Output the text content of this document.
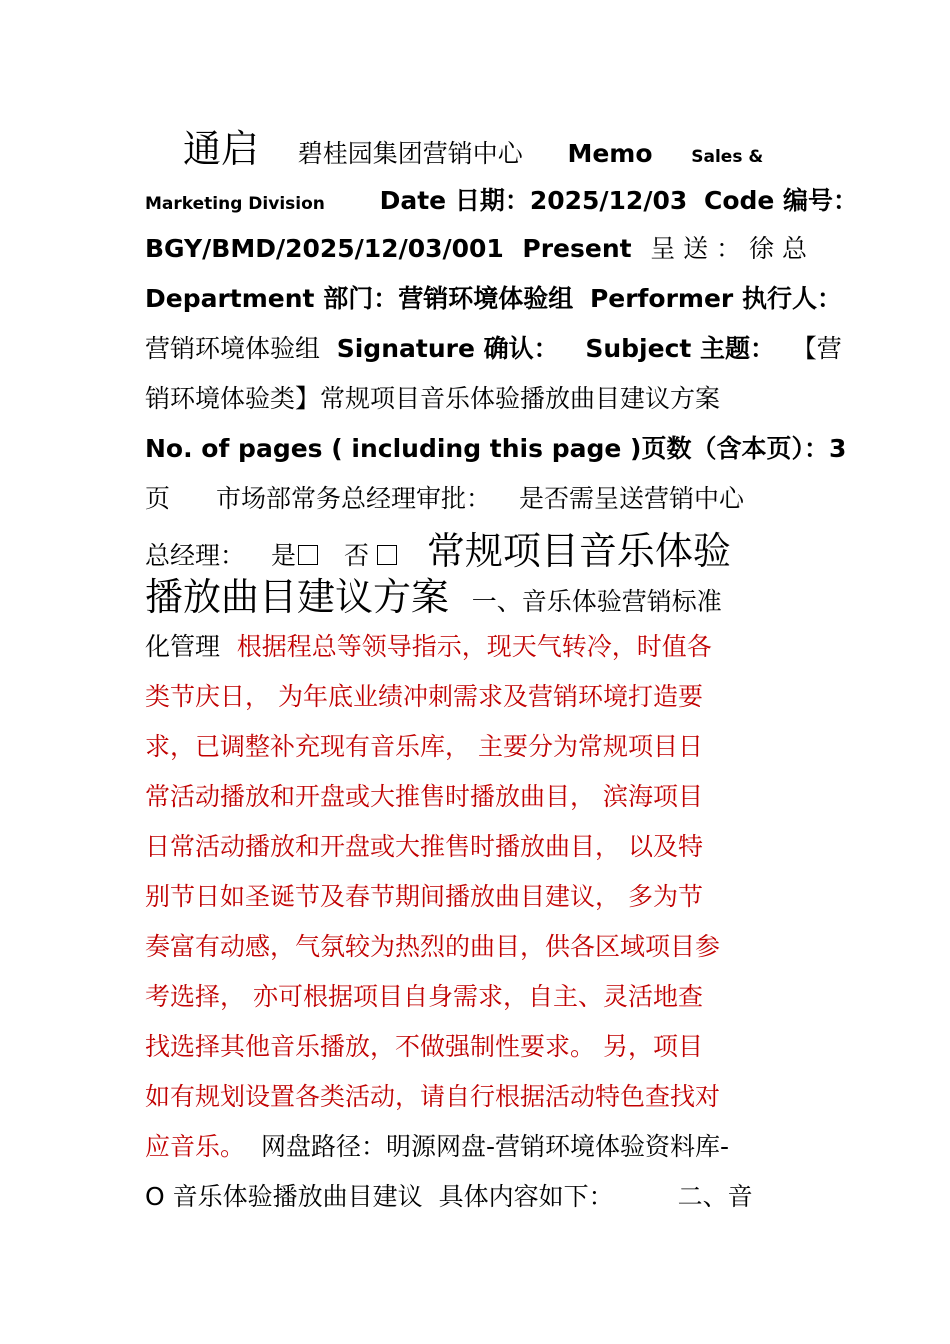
通启 碧桂园集团营销中心 Memo Sales &
Marketing Division Date 日期：2025/12/03 Code 编号：
BGY/BMD/2025/12/03/001 Present 呈 送 ： 徐 总
Department 部门：营销环境体验组 Performer 执行人：
营销环境体验组 Signature 确认： Subject 主题： 【营
销环境体验类】常规项目音乐体验播放曲目建议方案
No. of pages ( including this page )页数（含本页）：3
页 市场部常务总经理审批： 是否需呈送营销中心
总经理： 是 否 常规项目音乐体验
播放曲目建议方案 一、音乐体验营销标准
化管理 根据程总等领导指示，现天气转冷，时值各
类节庆日， 为年底业绩冲刺需求及营销环境打造要
求，已调整补充现有音乐库， 主要分为常规项目日
常活动播放和开盘或大推售时播放曲目， 滨海项目
日常活动播放和开盘或大推售时播放曲目， 以及特
别节日如圣诞节及春节期间播放曲目建议， 多为节
奏富有动感，气氛较为热烈的曲目，供各区域项目参
考选择， 亦可根据项目自身需求，自主、灵活地查
找选择其他音乐播放，不做强制性要求。 另，项目
如有规划设置各类活动，请自行根据活动特色查找对
应音乐。 网盘路径：明源网盘-营销环境体验资料库-
O 音乐体验播放曲目建议 具体内容如下：	二、音
